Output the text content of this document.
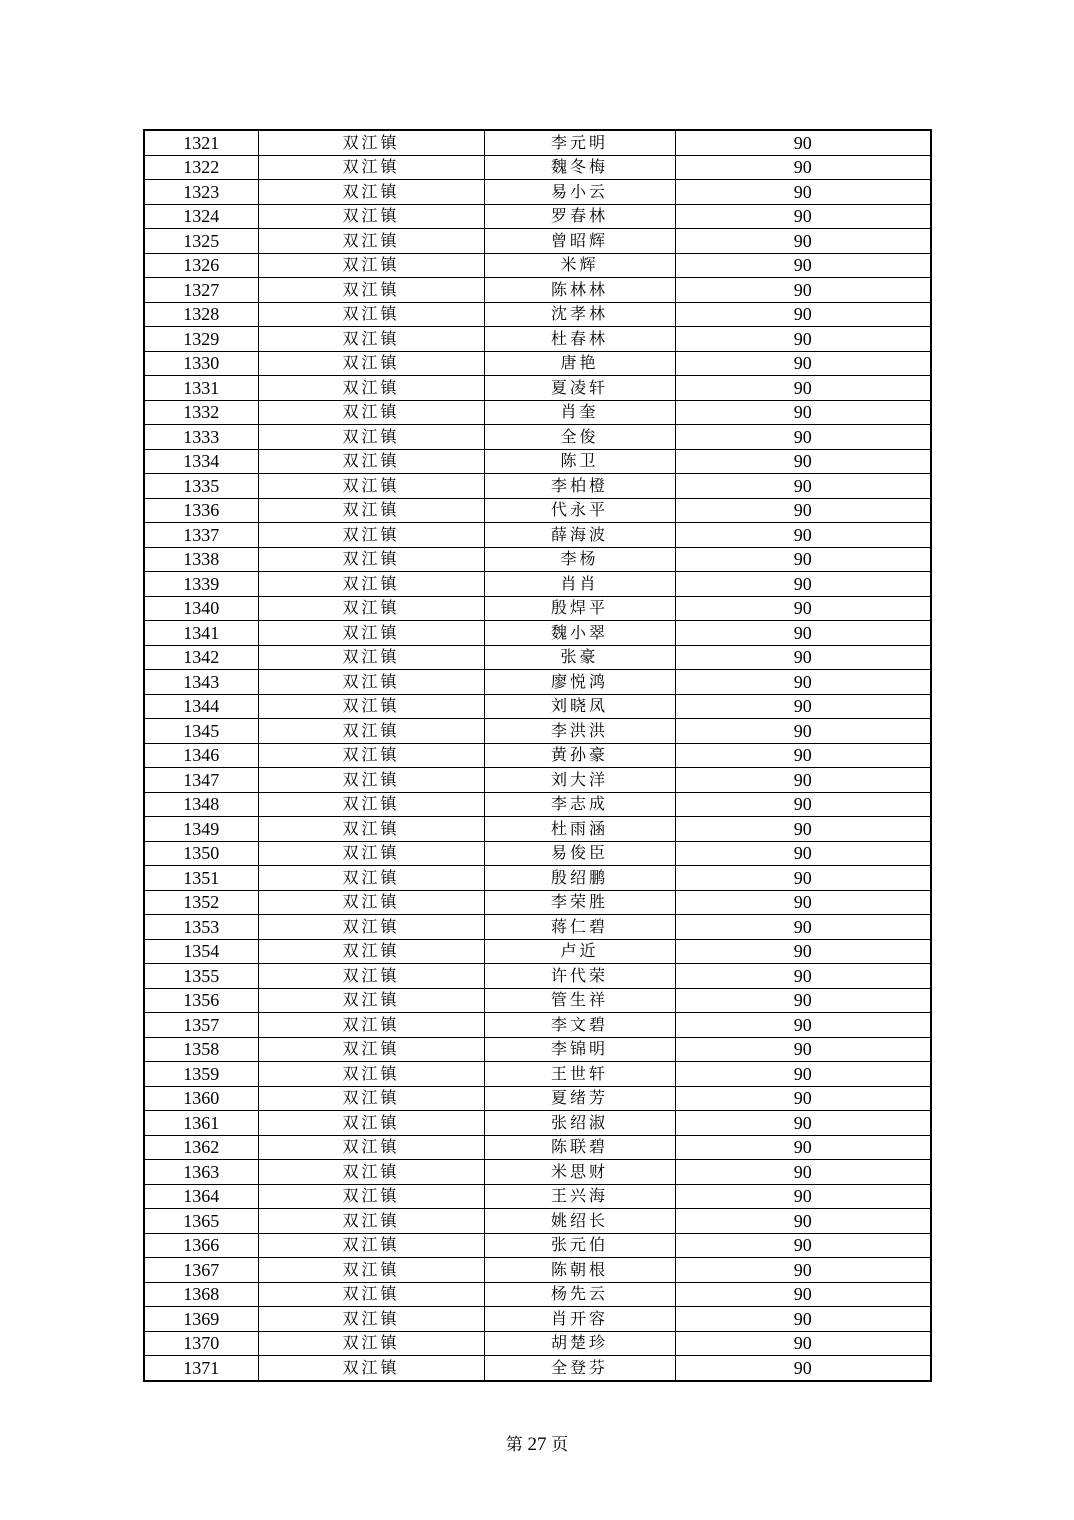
1321	双江镇	李元明	90
1322	双江镇	魏冬梅	90
1323	双江镇	易小云	90
1324	双江镇	罗春林	90
1325	双江镇	曾昭辉	90
1326	双江镇	米辉	90
1327	双江镇	陈林林	90
1328	双江镇	沈孝林	90
1329	双江镇	杜春林	90
1330	双江镇	唐艳	90
1331	双江镇	夏凌轩	90
1332	双江镇	肖奎	90
1333	双江镇	全俊	90
1334	双江镇	陈卫	90
1335	双江镇	李柏橙	90
1336	双江镇	代永平	90
1337	双江镇	薛海波	90
1338	双江镇	李杨	90
1339	双江镇	肖肖	90
1340	双江镇	殷焊平	90
1341	双江镇	魏小翠	90
1342	双江镇	张豪	90
1343	双江镇	廖悦鸿	90
1344	双江镇	刘晓凤	90
1345	双江镇	李洪洪	90
1346	双江镇	黄孙豪	90
1347	双江镇	刘大洋	90
1348	双江镇	李志成	90
1349	双江镇	杜雨涵	90
1350	双江镇	易俊臣	90
1351	双江镇	殷绍鹏	90
1352	双江镇	李荣胜	90
1353	双江镇	蒋仁碧	90
1354	双江镇	卢近	90
1355	双江镇	许代荣	90
1356	双江镇	管生祥	90
1357	双江镇	李文碧	90
1358	双江镇	李锦明	90
1359	双江镇	王世轩	90
1360	双江镇	夏绪芳	90
1361	双江镇	张绍淑	90
1362	双江镇	陈联碧	90
1363	双江镇	米思财	90
1364	双江镇	王兴海	90
1365	双江镇	姚绍长	90
1366	双江镇	张元伯	90
1367	双江镇	陈朝根	90
1368	双江镇	杨先云	90
1369	双江镇	肖开容	90
1370	双江镇	胡楚珍	90
1371	双江镇	全登芬	90
第 27 页
